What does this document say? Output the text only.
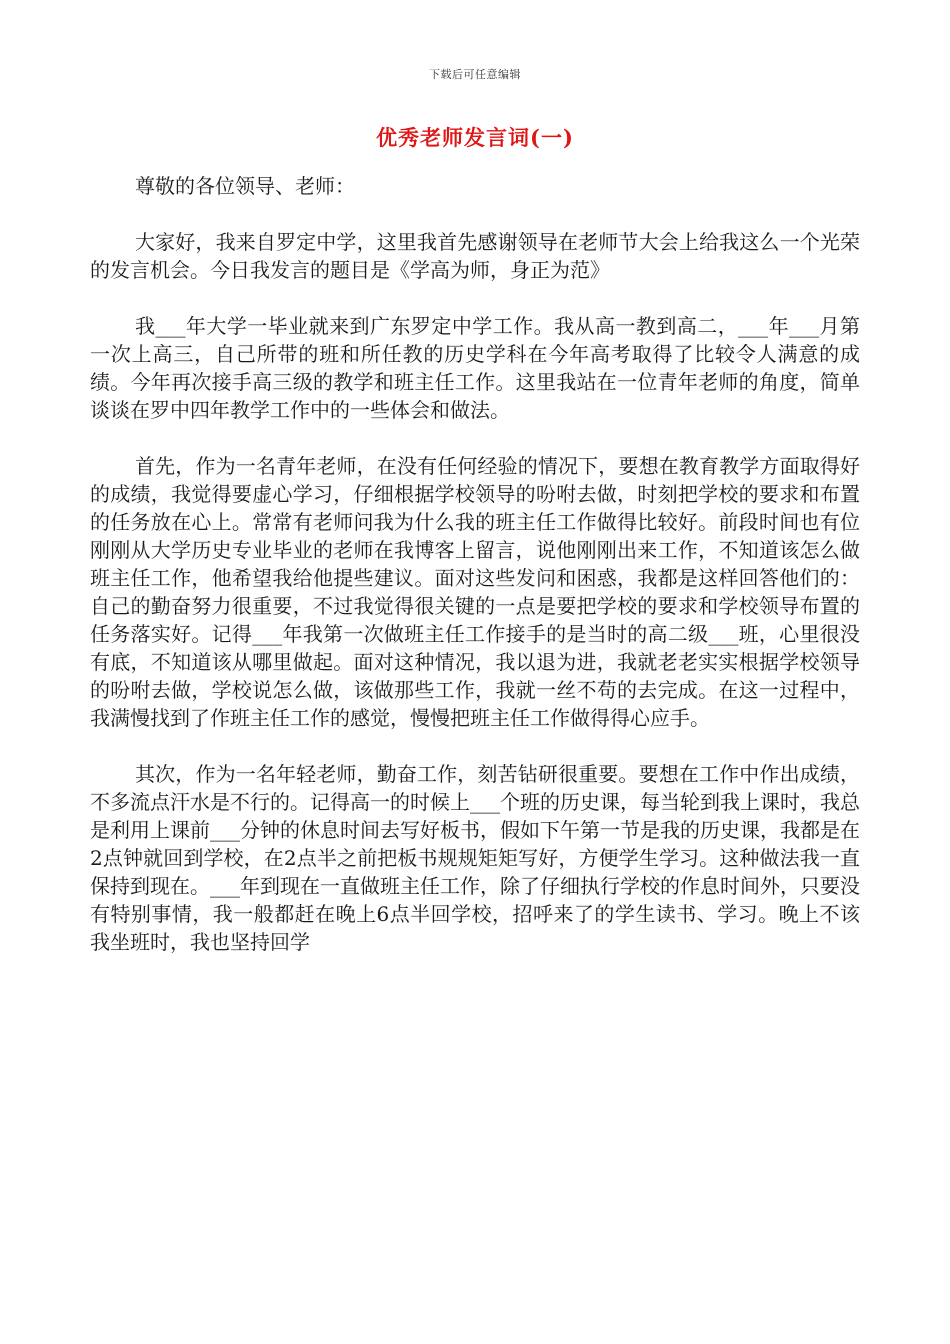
下载后可任意编辑
优秀老师发言词(一)

尊敬的各位领导、老师：

大家好，我来自罗定中学，这里我首先感谢领导在老师节大会上给我这么一个光荣的发言机会。今日我发言的题目是《学高为师，身正为范》

我___年大学一毕业就来到广东罗定中学工作。我从高一教到高二，___年___月第一次上高三，自己所带的班和所任教的历史学科在今年高考取得了比较令人满意的成绩。今年再次接手高三级的教学和班主任工作。这里我站在一位青年老师的角度，简单谈谈在罗中四年教学工作中的一些体会和做法。

首先，作为一名青年老师，在没有任何经验的情况下，要想在教育教学方面取得好的成绩，我觉得要虚心学习，仔细根据学校领导的吩咐去做，时刻把学校的要求和布置的任务放在心上。常常有老师问我为什么我的班主任工作做得比较好。前段时间也有位刚刚从大学历史专业毕业的老师在我博客上留言，说他刚刚出来工作，不知道该怎么做班主任工作，他希望我给他提些建议。面对这些发问和困惑，我都是这样回答他们的：自己的勤奋努力很重要，不过我觉得很关键的一点是要把学校的要求和学校领导布置的任务落实好。记得___年我第一次做班主任工作接手的是当时的高二级___班，心里很没有底，不知道该从哪里做起。面对这种情况，我以退为进，我就老老实实根据学校领导的吩咐去做，学校说怎么做，该做那些工作，我就一丝不苟的去完成。在这一过程中，我满慢找到了作班主任工作的感觉，慢慢把班主任工作做得得心应手。

其次，作为一名年轻老师，勤奋工作，刻苦钻研很重要。要想在工作中作出成绩，不多流点汗水是不行的。记得高一的时候上___个班的历史课，每当轮到我上课时，我总是利用上课前___分钟的休息时间去写好板书，假如下午第一节是我的历史课，我都是在2点钟就回到学校，在2点半之前把板书规规矩矩写好，方便学生学习。这种做法我一直保持到现在。___年到现在一直做班主任工作，除了仔细执行学校的作息时间外，只要没有特别事情，我一般都赶在晚上6点半回学校，招呼来了的学生读书、学习。晚上不该我坐班时，我也坚持回学
